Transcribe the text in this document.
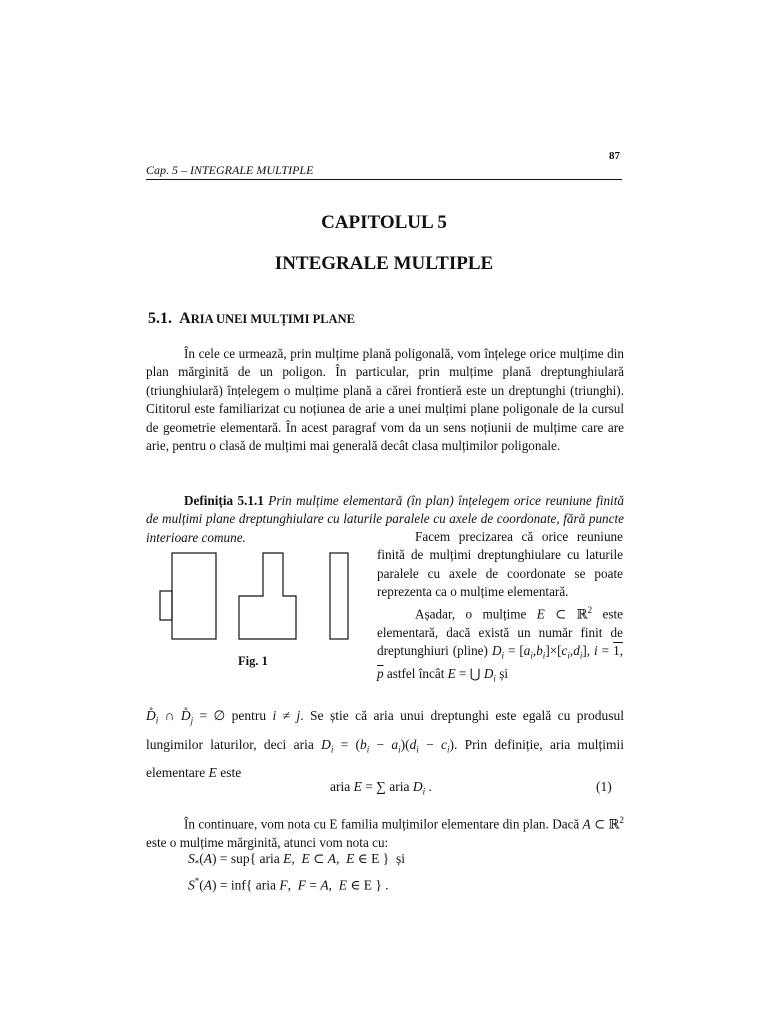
87
Cap. 5 – INTEGRALE MULTIPLE
CAPITOLUL 5
INTEGRALE MULTIPLE
5.1. ARIA UNEI MULȚIMI PLANE
În cele ce urmează, prin mulțime plană poligonală, vom înțelege orice mulțime din plan mărginită de un poligon. În particular, prin mulțime plană dreptunghiulară (triunghiulară) înțelegem o mulțime plană a cărei frontieră este un dreptunghi (triunghi). Cititorul este familiarizat cu noțiunea de arie a unei mulțimi plane poligonale de la cursul de geometrie elementară. În acest paragraf vom da un sens noțiunii de mulțime care are arie, pentru o clasă de mulțimi mai generală decât clasa mulțimilor poligonale.
Definiția 5.1.1 Prin mulțime elementară (în plan) înțelegem orice reuniune finită de mulțimi plane dreptunghiulare cu laturile paralele cu axele de coordonate, fără puncte interioare comune.
Fig. 1
Facem precizarea că orice reuniune finită de mulțimi dreptunghiulare cu laturile paralele cu axele de coordonate se poate reprezenta ca o mulțime elementară.
Așadar, o mulțime E ⊂ ℝ$^2$ este elementară, dacă există un număr finit de dreptunghiuri (pline) $D_i = [a_i,b_i]\times[c_i,d_i]$, i = 1, p astfel încât E = ⋃ $D_i$ și
$D̊_i$ ∩ $D̊_j$ = ∅ pentru i ≠ j. Se știe că aria unui dreptunghi este egală cu produsul lungimilor laturilor, deci aria $D_i = (b_i - a_i)(d_i - c_i)$. Prin definiție, aria mulțimii elementare E este
aria E = ∑ aria $D_i$ .	(1)
În continuare, vom nota cu Ε familia mulțimilor elementare din plan. Dacă A ⊂ ℝ$^2$ este o mulțime mărginită, atunci vom nota cu:
$S_*(A) = sup${ aria E,  E ⊂ A,  E ∈ Ε }  și
S*(A) = inf{ aria F,  F = A,  E ∈ Ε } .
